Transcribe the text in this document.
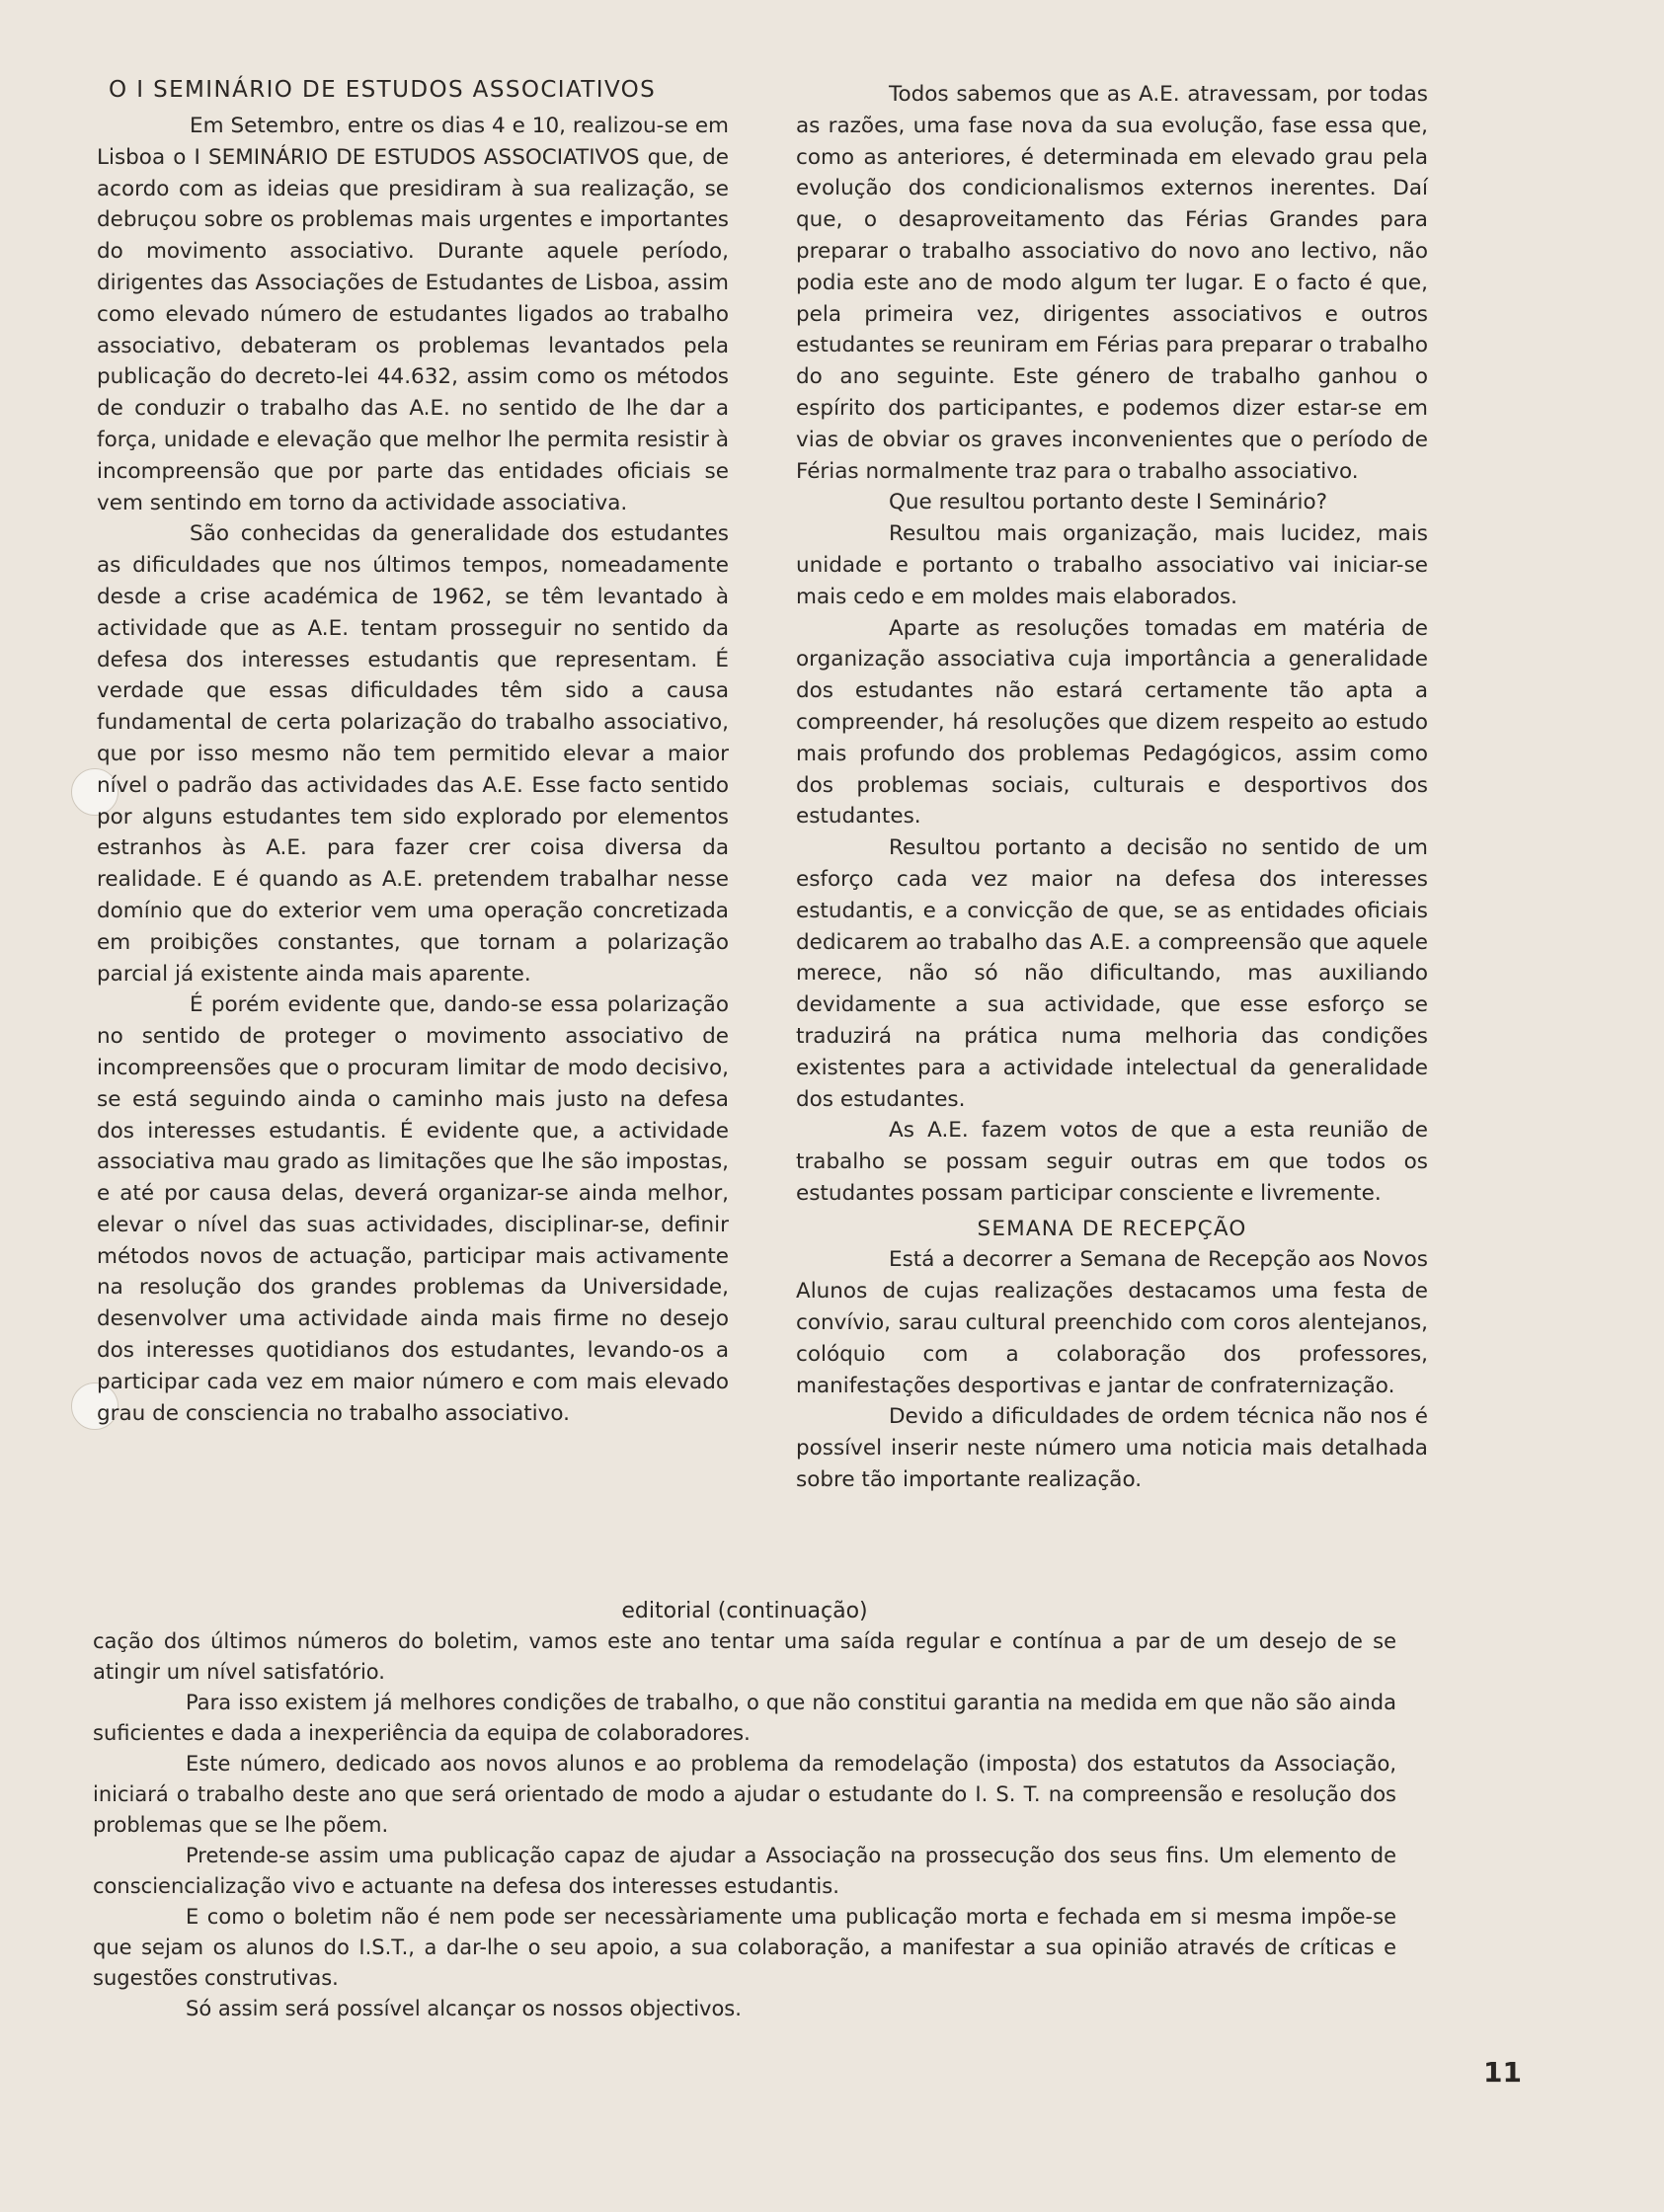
O I SEMINÁRIO DE ESTUDOS ASSOCIATIVOS

Em Setembro, entre os dias 4 e 10, realizou-se em Lisboa o I SEMINÁRIO DE ESTUDOS ASSOCIATIVOS que, de acordo com as ideias que presidiram à sua realização, se debruçou sobre os problemas mais urgentes e importantes do movimento associativo. Durante aquele período, dirigentes das Associações de Estudantes de Lisboa, assim como elevado número de estudantes ligados ao trabalho associativo, debateram os problemas levantados pela publicação do decreto-lei 44.632, assim como os métodos de conduzir o trabalho das A.E. no sentido de lhe dar a força, unidade e elevação que melhor lhe permita resistir à incompreensão que por parte das entidades oficiais se vem sentindo em torno da actividade associativa.

São conhecidas da generalidade dos estudantes as dificuldades que nos últimos tempos, nomeadamente desde a crise académica de 1962, se têm levantado à actividade que as A.E. tentam prosseguir no sentido da defesa dos interesses estudantis que representam. É verdade que essas dificuldades têm sido a causa fundamental de certa polarização do trabalho associativo, que por isso mesmo não tem permitido elevar a maior nível o padrão das actividades das A.E. Esse facto sentido por alguns estudantes tem sido explorado por elementos estranhos às A.E. para fazer crer coisa diversa da realidade. E é quando as A.E. pretendem trabalhar nesse domínio que do exterior vem uma operação concretizada em proibições constantes, que tornam a polarização parcial já existente ainda mais aparente.

É porém evidente que, dando-se essa polarização no sentido de proteger o movimento associativo de incompreensões que o procuram limitar de modo decisivo, se está seguindo ainda o caminho mais justo na defesa dos interesses estudantis. É evidente que, a actividade associativa mau grado as limitações que lhe são impostas, e até por causa delas, deverá organizar-se ainda melhor, elevar o nível das suas actividades, disciplinar-se, definir métodos novos de actuação, participar mais activamente na resolução dos grandes problemas da Universidade, desenvolver uma actividade ainda mais firme no desejo dos interesses quotidianos dos estudantes, levando-os a participar cada vez em maior número e com mais elevado grau de consciencia no trabalho associativo.

Todos sabemos que as A.E. atravessam, por todas as razões, uma fase nova da sua evolução, fase essa que, como as anteriores, é determinada em elevado grau pela evolução dos condicionalismos externos inerentes. Daí que, o desaproveitamento das Férias Grandes para preparar o trabalho associativo do novo ano lectivo, não podia este ano de modo algum ter lugar. E o facto é que, pela primeira vez, dirigentes associativos e outros estudantes se reuniram em Férias para preparar o trabalho do ano seguinte. Este género de trabalho ganhou o espírito dos participantes, e podemos dizer estar-se em vias de obviar os graves inconvenientes que o período de Férias normalmente traz para o trabalho associativo.

Que resultou portanto deste I Seminário?

Resultou mais organização, mais lucidez, mais unidade e portanto o trabalho associativo vai iniciar-se mais cedo e em moldes mais elaborados.

Aparte as resoluções tomadas em matéria de organização associativa cuja importância a generalidade dos estudantes não estará certamente tão apta a compreender, há resoluções que dizem respeito ao estudo mais profundo dos problemas Pedagógicos, assim como dos problemas sociais, culturais e desportivos dos estudantes.

Resultou portanto a decisão no sentido de um esforço cada vez maior na defesa dos interesses estudantis, e a convicção de que, se as entidades oficiais dedicarem ao trabalho das A.E. a compreensão que aquele merece, não só não dificultando, mas auxiliando devidamente a sua actividade, que esse esforço se traduzirá na prática numa melhoria das condições existentes para a actividade intelectual da generalidade dos estudantes.

As A.E. fazem votos de que a esta reunião de trabalho se possam seguir outras em que todos os estudantes possam participar consciente e livremente.

SEMANA DE RECEPÇÃO

Está a decorrer a Semana de Recepção aos Novos Alunos de cujas realizações destacamos uma festa de convívio, sarau cultural preenchido com coros alentejanos, colóquio com a colaboração dos professores, manifestações desportivas e jantar de confraternização.

Devido a dificuldades de ordem técnica não nos é possível inserir neste número uma noticia mais detalhada sobre tão importante realização.

editorial (continuação)

cação dos últimos números do boletim, vamos este ano tentar uma saída regular e contínua a par de um desejo de se atingir um nível satisfatório.

Para isso existem já melhores condições de trabalho, o que não constitui garantia na medida em que não são ainda suficientes e dada a inexperiência da equipa de colaboradores.

Este número, dedicado aos novos alunos e ao problema da remodelação (imposta) dos estatutos da Associação, iniciará o trabalho deste ano que será orientado de modo a ajudar o estudante do I. S. T. na compreensão e resolução dos problemas que se lhe põem.

Pretende-se assim uma publicação capaz de ajudar a Associação na prossecução dos seus fins. Um elemento de consciencialização vivo e actuante na defesa dos interesses estudantis.

E como o boletim não é nem pode ser necessàriamente uma publicação morta e fechada em si mesma impõe-se que sejam os alunos do I.S.T., a dar-lhe o seu apoio, a sua colaboração, a manifestar a sua opinião através de críticas e sugestões construtivas.

Só assim será possível alcançar os nossos objectivos.

11
